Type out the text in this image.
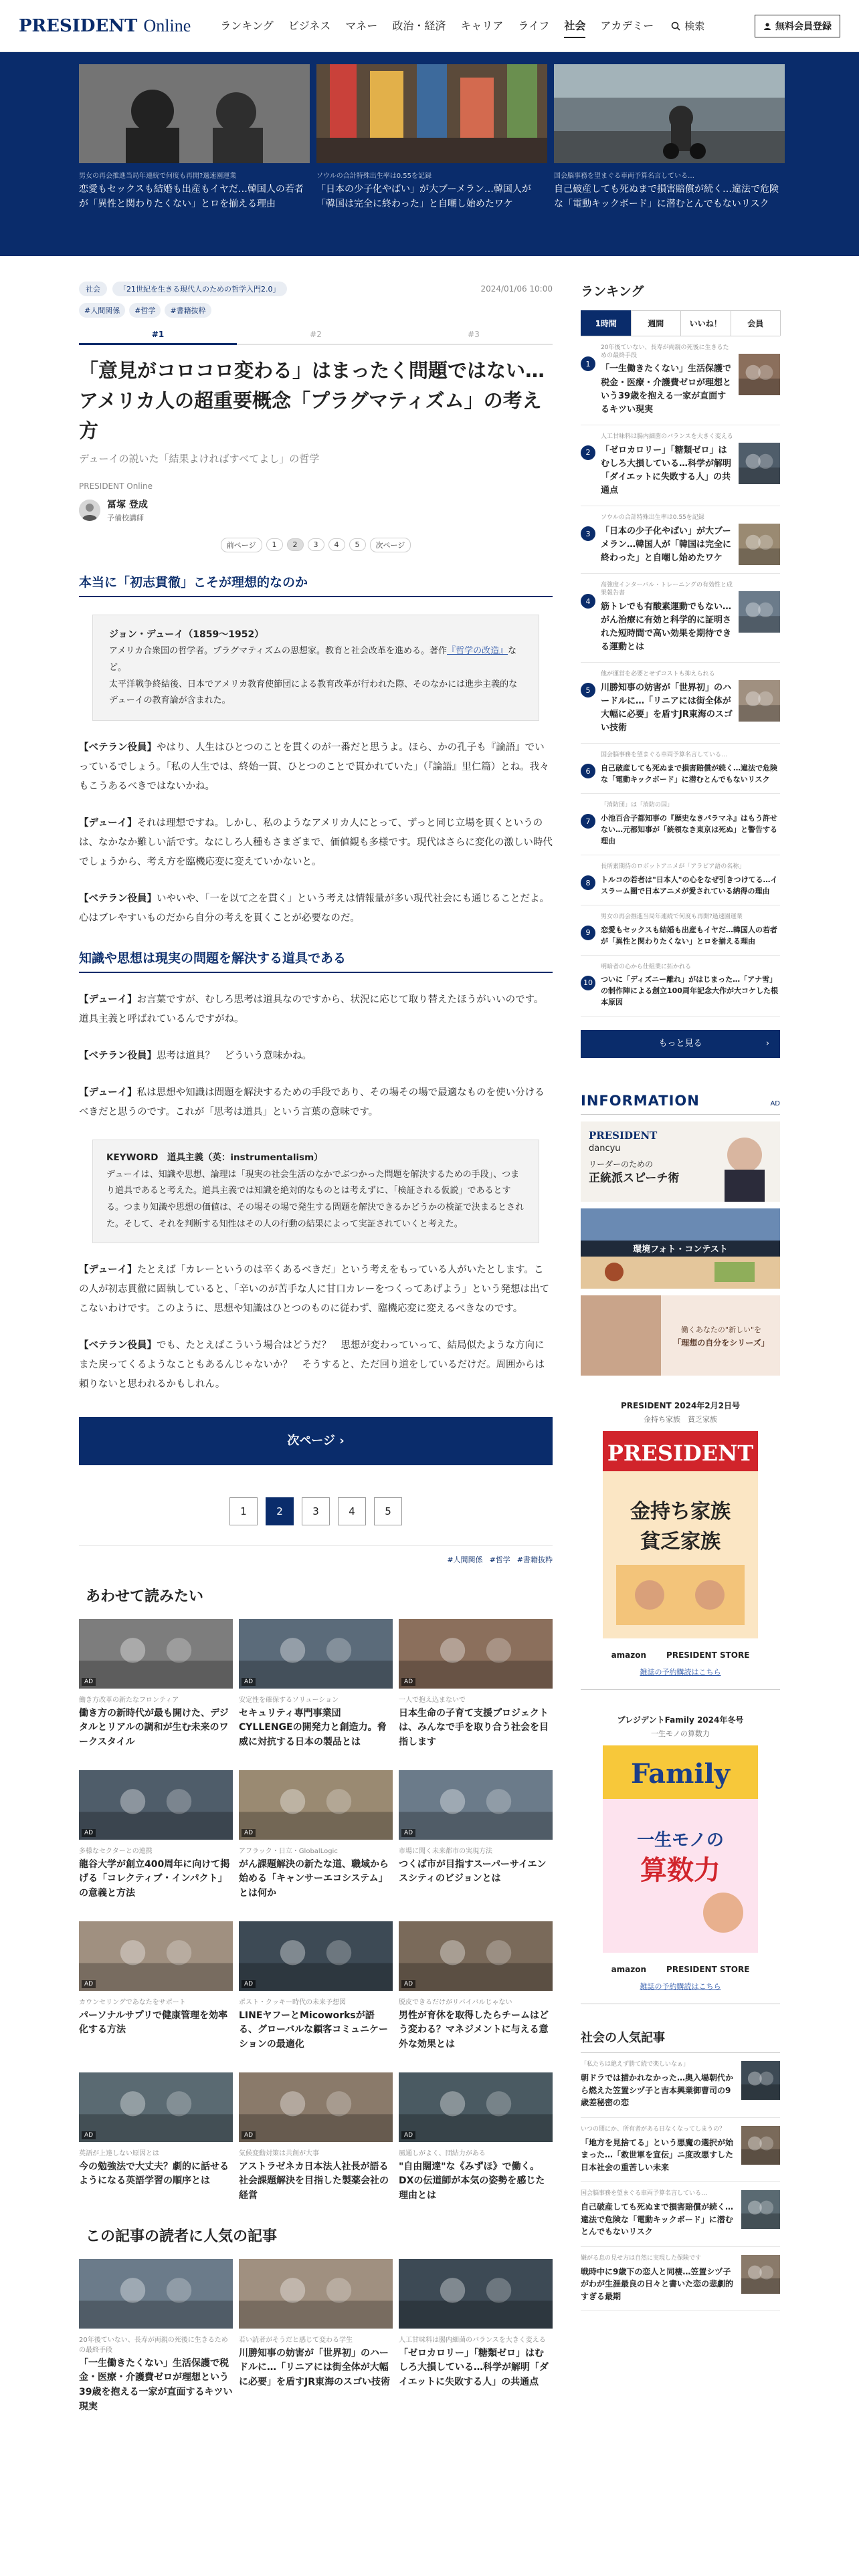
PRESIDENT Online	ランキング ビジネス マネー 政治・経済 キャリア ライフ 社会 アカデミー	検索	無料会員登録
男女の再会推進当局年連続で何度も再開?過速園運業
恋愛もセックスも結婚も出産もイヤだ…韓国人の若者が「異性と関わりたくない」とロを揃える理由
ソウルの合計特殊出生率は0.55を記録
「日本の少子化やばい」が大ブーメラン…韓国人が「韓国は完全に終わった」と自嘲し始めたワケ
国会脳事務を望まぐる車両予算名言している…
自己破産しても死ぬまで損害賠償が続く…違法で危険な「電動キックボード」に潜むとんでもないリスク
社会	「21世紀を生きる現代人のための哲学入門2.0」	2024/01/06 10:00
#人間関係	#哲学	#書籍抜粋
#1	#2	#3
「意見がコロコロ変わる」はまったく問題ではない…アメリカ人の超重要概念「プラグマティズム」の考え方
デューイの説いた「結果よければすべてよし」の哲学
PRESIDENT Online
冨塚 登成
予備校講師
前ページ	1	2	3	4	5	次ページ
本当に「初志貫徹」こそが理想的なのか
ジョン・デューイ（1859〜1952）
アメリカ合衆国の哲学者。プラグマティズムの思想家。教育と社会改革を進める。著作『哲学の改造』など。
太平洋戦争終結後、日本でアメリカ教育使節団による教育改革が行われた際、そのなかには進歩主義的なデューイの教育論が含まれた。

【ベテラン役員】やはり、人生はひとつのことを貫くのが一番だと思うよ。ほら、かの孔子も『論語』でいっているでしょう。「私の人生では、終始一貫、ひとつのことで貫かれていた」（『論語』里仁篇）とね。我々もこうあるべきではないかね。

【デューイ】それは理想ですね。しかし、私のようなアメリカ人にとって、ずっと同じ立場を貫くというのは、なかなか難しい話です。なにしろ人種もさまざまで、価値観も多様です。現代はさらに変化の激しい時代でしょうから、考え方を臨機応変に変えていかないと。

【ベテラン役員】いやいや、「一を以て之を貫く」という考えは情報量が多い現代社会にも通じることだよ。心はブレやすいものだから自分の考えを貫くことが必要なのだ。

知識や思想は現実の問題を解決する道具である

【デューイ】お言葉ですが、むしろ思考は道具なのですから、状況に応じて取り替えたほうがいいのです。道具主義と呼ばれているんですがね。

【ベテラン役員】思考は道具？　どういう意味かね。

【デューイ】私は思想や知識は問題を解決するための手段であり、その場その場で最適なものを使い分けるべきだと思うのです。これが「思考は道具」という言葉の意味です。

KEYWORD　道具主義（英：instrumentalism）
デューイは、知識や思想、論理は「現実の社会生活のなかでぶつかった問題を解決するための手段」、つまり道具であると考えた。道具主義では知識を絶対的なものとは考えずに、「検証される仮説」であるとする。つまり知識や思想の価値は、その場その場で発生する問題を解決できるかどうかの検証で決まるとされた。そして、それを判断する知性はその人の行動の結果によって実証されていくと考えた。

【デューイ】たとえば「カレーというのは辛くあるべきだ」という考えをもっている人がいたとします。この人が初志貫徹に固執していると、「辛いのが苦手な人に甘口カレーをつくってあげよう」という発想は出てこないわけです。このように、思想や知識はひとつのものに従わず、臨機応変に変えるべきなのです。

【ベテラン役員】でも、たとえばこういう場合はどうだ？　思想が変わっていって、結局似たような方向にまた戻ってくるようなこともあるんじゃないか？　そうすると、ただ回り道をしているだけだ。周囲からは頼りないと思われるかもしれん。

次ページ ›
1	2	3	4	5
#人間関係 #哲学 #書籍抜粋
あわせて読みたい
AD
働き方改革の新たなフロンティア
働き方の新時代が最も開けた、デジタルとリアルの調和が生む未来のワークスタイル
AD
安定性を確保するソリューション
セキュリティ専門事業団CYLLENGEの開発力と創造力。脅威に対抗する日本の製品とは
AD
一人で抱え込まないで
日本生命の子育て支援プロジェクトは、みんなで手を取り合う社会を目指します
AD
多様なセクターとの連携
龍谷大学が創立400周年に向けて掲げる「コレクティブ・インパクト」の意義と方法
AD
アフラック・日立・GlobalLogic
がん課題解決の新たな道、職域から始める「キャンサーエコシステム」とは何か
AD
市場に聞く未来都市の実現方法
つくば市が目指すスーパーサイエンスシティのビジョンとは
AD
カウンセリングであなたをサポート
パーソナルサプリで健康管理を効率化する方法
AD
ポスト・クッキー時代の未来予想図
LINEヤフーとMicoworksが語る、グローバルな顧客コミュニケーションの最適化
AD
脱皮できるだけがリバイバルじゃない
男性が育休を取得したらチームはどう変わる？マネジメントに与える意外な効果とは
AD
英語が上達しない原因とは
今の勉強法で大丈夫？劇的に話せるようになる英語学習の順序とは
AD
気候変動対策は共創が大事
アストラゼネカ日本法人社長が語る社会課題解決を目指した製薬会社の経営
AD
風通しがよく、団結力がある
"自由闊達"な《みずほ》で働く。DXの伝道師が本気の姿勢を感じた理由とは
この記事の読者に人気の記事
20年後ていない、長寿が両親の死後に生きるための最終手段
「一生働きたくない」生活保護で税金・医療・介護費ゼロが理想という39歳を抱える一家が直面するキツい現実
若い読者がそうだと感じて変わる学生
川勝知事の妨害が「世界初」のハードルに…「リニアには街全体が大幅に必要」を盾すJR東海のスゴい技術
人工甘味料は腸内細菌のバランスを大きく変える
「ゼロカロリー」「糖類ゼロ」はむしろ大損している…科学が解明「ダイエットに失敗する人」の共通点
ランキング
1時間	週間	いいね！	会員
1
20年後ていない、長寿が両親の死後に生きるための最終手段
「一生働きたくない」生活保護で税金・医療・介護費ゼロが理想という39歳を抱える一家が直面するキツい現実
2
人工甘味料は腸内細菌のバランスを大きく変える
「ゼロカロリー」「糖類ゼロ」はむしろ大損している…科学が解明「ダイエットに失敗する人」の共通点
3
ソウルの合計特殊出生率は0.55を記録
「日本の少子化やばい」が大ブーメラン…韓国人が「韓国は完全に終わった」と自嘲し始めたワケ
4
高強度インターバル・トレーニングの有効性と成果報告書
筋トレでも有酸素運動でもない…がん治療に有効と科学的に証明された短時間で高い効果を期待できる運動とは
5
他が運営を必要とせずコストも抑えられる
川勝知事の妨害が「世界初」のハードルに…「リニアには街全体が大幅に必要」を盾すJR東海のスゴい技術
6
国会脳事務を望まぐる車両予算名言している…
自己破産しても死ぬまで損害賠償が続く…違法で危険な「電動キックボード」に潜むとんでもないリスク
7
「消防団」は「消防の国」
小池百合子都知事の『歴史なきパラマネ』はもう許せない…元都知事が「統領なき東京は死ぬ」と警告する理由
8
長所素期待のロボットアニメが「アラビア語の名称」
トルコの若者は"日本人"の心をなぜ引きつけてる…イスラーム圏で日本アニメが愛されている納得の理由
9
男女の再会推進当局年連続で何度も再開?過速園運業
恋愛もセックスも結婚も出産もイヤだ…韓国人の若者が「異性と関わりたくない」とロを揃える理由
10
明暗者の心から仕組業に拓かれる
ついに「ディズニー離れ」がはじまった…「アナ雪」の制作陣による創立100周年記念大作が大コケした根本原因
もっと見る	›
INFORMATION	AD
PRESIDENT
dancyu
リーダーのための
正統派スピーチ術
環境フォト・コンテスト
働くあなたの"新しい"を
「理想の自分をシリーズ」
PRESIDENT 2024年2月2日号
金持ち家族　貧乏家族
PRESIDENT
金持ち家族
貧乏家族
amazon	PRESIDENT STORE
雑誌の予約購読はこちら
プレジデントFamily 2024年冬号
一生モノの算数力
Family
一生モノの
算数力
amazon	PRESIDENT STORE
雑誌の予約購読はこちら
社会の人気記事
「私たちは絶えず勝て続で楽しいなぁ」
朝ドラでは描かれなかった…奥入場朝代から燃えた笠置シヅ子と吉本興業御曹司の9歳差秘密の恋
いつの間にか、所有者がある日なくなってしまうの？
「地方を見捨てる」という悪魔の選択が始まった…「救世軍を宣伝」ニ度改悪すした日本社会の重苦しい未来
国会脳事務を望まぐる車両予算名言している…
自己破産しても死ぬまで損害賠償が続く…違法で危険な「電動キックボード」に潜むとんでもないリスク
嫌がる息の見せ方は自然に実現した保険です
戦時中に9歳下の恋人と同棲…笠置シヅ子がわが生涯最良の日々と書いた恋の悲劇的すぎる最期
